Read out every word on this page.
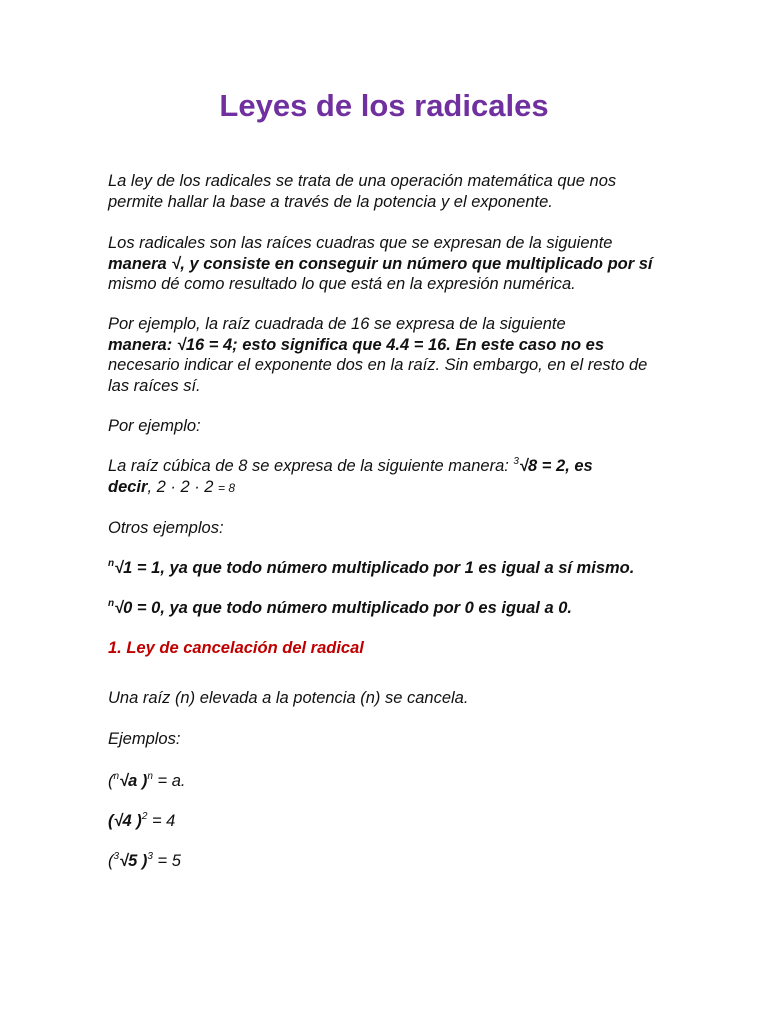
Leyes de los radicales

La ley de los radicales se trata de una operación matemática que nos permite hallar la base a través de la potencia y el exponente.

Los radicales son las raíces cuadras que se expresan de la siguiente
manera √, y consiste en conseguir un número que multiplicado por sí
mismo dé como resultado lo que está en la expresión numérica.

Por ejemplo, la raíz cuadrada de 16 se expresa de la siguiente
manera: √16 = 4; esto significa que 4.4 = 16. En este caso no es
necesario indicar el exponente dos en la raíz. Sin embargo, en el resto de las raíces sí.

Por ejemplo:

La raíz cúbica de 8 se expresa de la siguiente manera: $^3$√8 = 2, es
decir, 2 · 2 · 2 = 8

Otros ejemplos:

$^n$√1 = 1, ya que todo número multiplicado por 1 es igual a sí mismo.

$^n$√0 = 0, ya que todo número multiplicado por 0 es igual a 0.

1. Ley de cancelación del radical

Una raíz (n) elevada a la potencia (n) se cancela.

Ejemplos:

($^n$√a )$^n$ = a.

(√4 )$^2$ = 4

($^3$√5 )$^3$ = 5
